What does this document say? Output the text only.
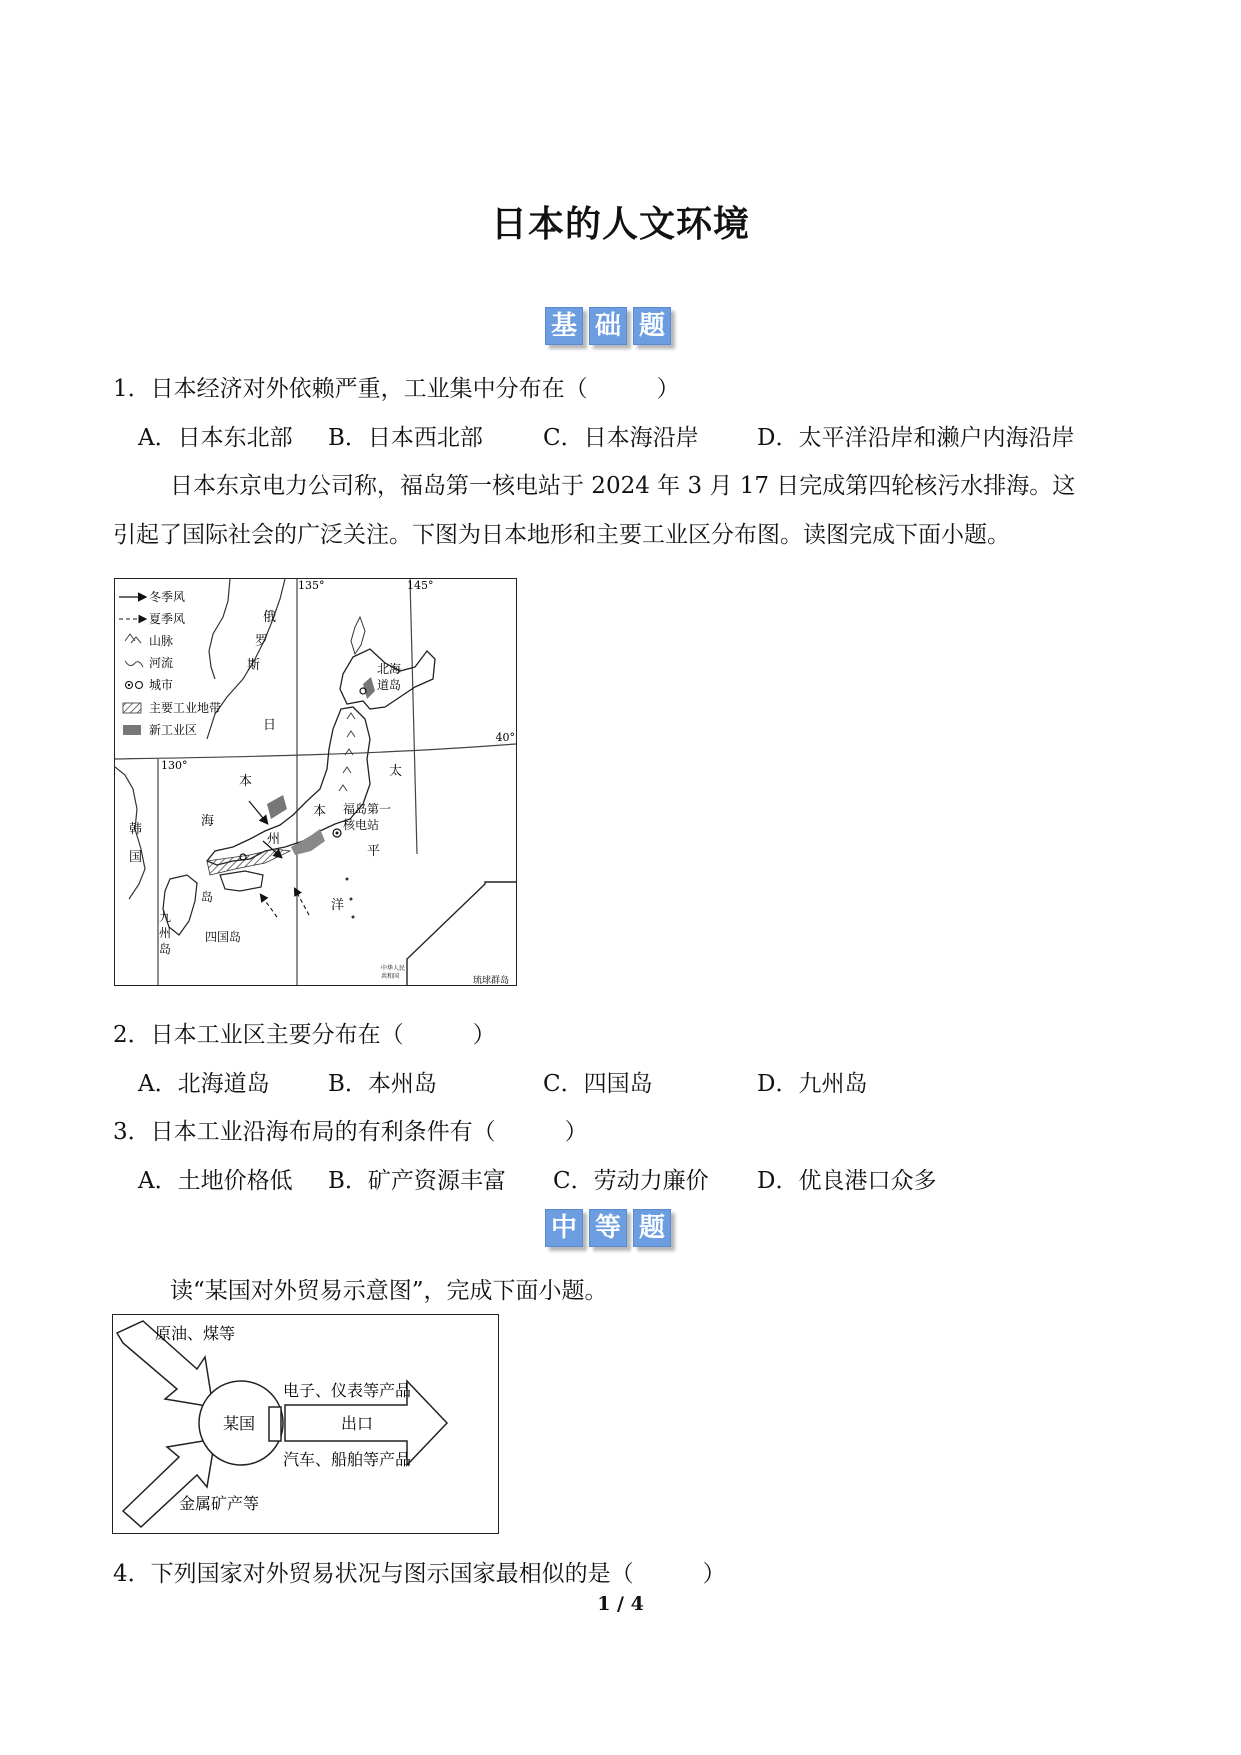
日本的人文环境
基 础 题
1．日本经济对外依赖严重，工业集中分布在（　　　）
A．日本东北部 B．日本西北部	C．日本海沿岸	D．太平洋沿岸和濑户内海沿岸
日本东京电力公司称，福岛第一核电站于 2024 年 3 月 17 日完成第四轮核污水排海。这
引起了国际社会的广泛关注。下图为日本地形和主要工业区分布图。读图完成下面小题。
冬季风
夏季风
山脉
河流
城市
主要工业地带
新工业区
135°	145°
130°
40°
俄
罗
斯
日
本
海
韩
国
北海
道岛
本
州
福岛第一
核电站
太
平
洋
四国岛
岛
九
州
岛
琉球群岛
中华人民
共和国
2．日本工业区主要分布在（　　　）
A．北海道岛	B．本州岛	C．四国岛	D．九州岛
3．日本工业沿海布局的有利条件有（　　　）
A．土地价格低 B．矿产资源丰富 C．劳动力廉价 D．优良港口众多
中 等 题
读“某国对外贸易示意图”，完成下面小题。
原油、煤等
某国
电子、仪表等产品
出口
汽车、船舶等产品
金属矿产等
4．下列国家对外贸易状况与图示国家最相似的是（　　　）
1 / 4
